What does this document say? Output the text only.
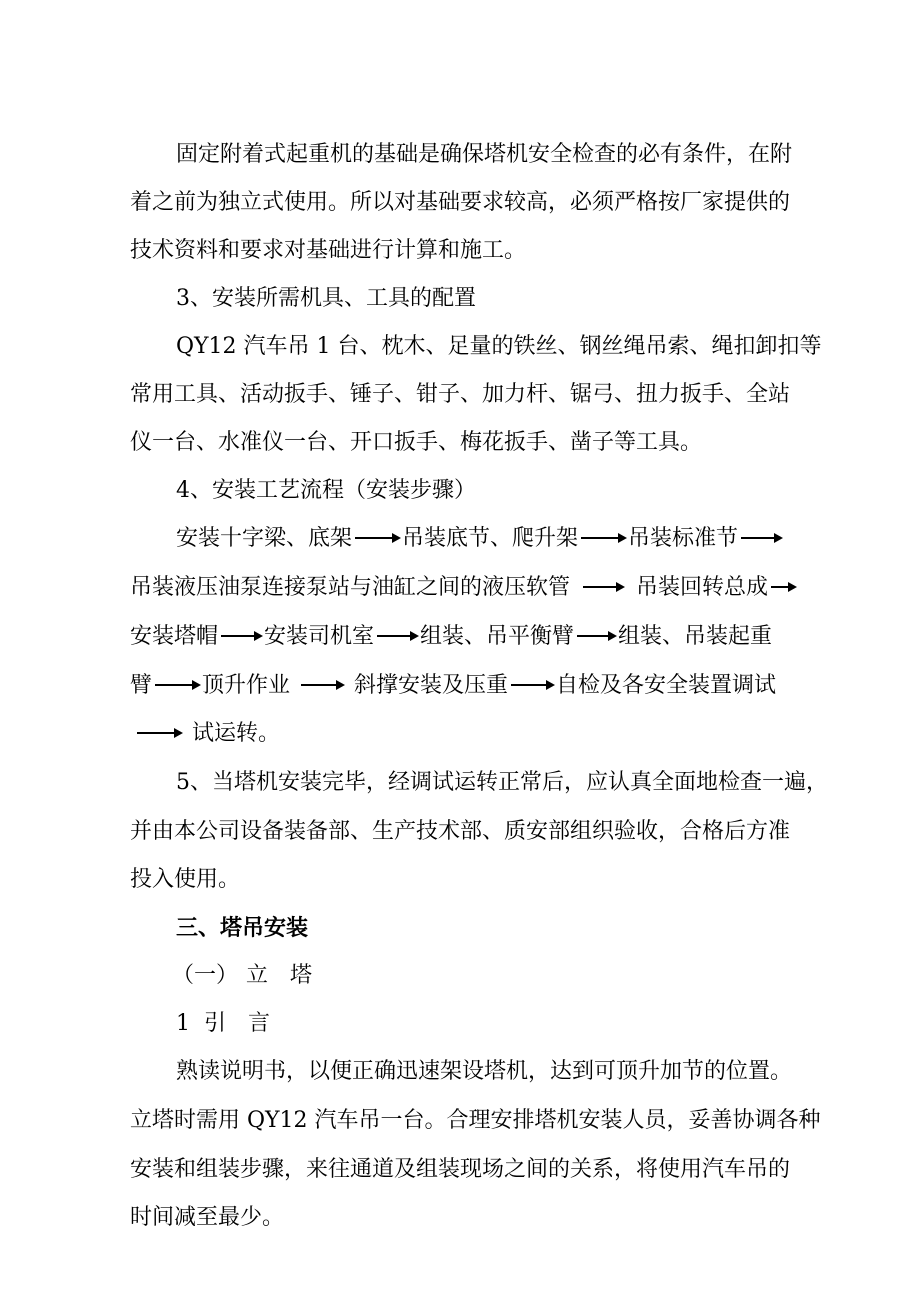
固定附着式起重机的基础是确保塔机安全检查的必有条件，在附
着之前为独立式使用。所以对基础要求较高，必须严格按厂家提供的
技术资料和要求对基础进行计算和施工。
3、安装所需机具、工具的配置
QY12 汽车吊 1 台、枕木、足量的铁丝、钢丝绳吊索、绳扣卸扣等
常用工具、活动扳手、锤子、钳子、加力杆、锯弓、扭力扳手、全站
仪一台、水准仪一台、开口扳手、梅花扳手、凿子等工具。
4、安装工艺流程（安装步骤）
安装十字梁、底架 吊装底节、爬升架 吊装标准节
吊装液压油泵连接泵站与油缸之间的液压软管	吊装回转总成
安装塔帽 安装司机室 组装、吊平衡臂 组装、吊装起重
臂 顶升作业	斜撑安装及压重 自检及各安全装置调试
试运转。
5、当塔机安装完毕，经调试运转正常后，应认真全面地检查一遍，
并由本公司设备装备部、生产技术部、质安部组织验收，合格后方准
投入使用。
三、塔吊安装
（一） 立 塔
1 引 言
熟读说明书，以便正确迅速架设塔机，达到可顶升加节的位置。
立塔时需用 QY12 汽车吊一台。合理安排塔机安装人员，妥善协调各种
安装和组装步骤，来往通道及组装现场之间的关系，将使用汽车吊的
时间减至最少。
